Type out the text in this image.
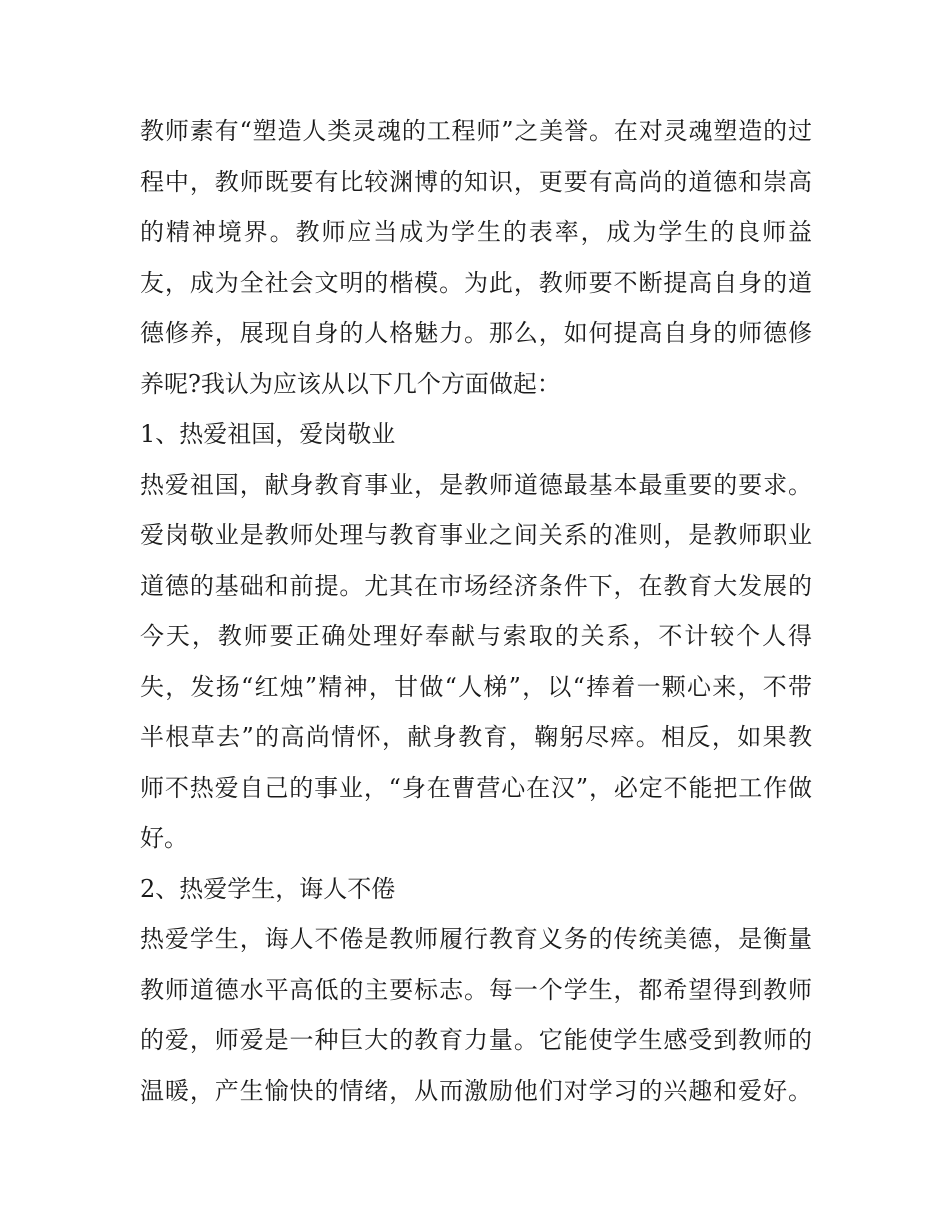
教师素有“塑造人类灵魂的工程师”之美誉。在对灵魂塑造的过
程中，教师既要有比较渊博的知识，更要有高尚的道德和崇高
的精神境界。教师应当成为学生的表率，成为学生的良师益
友，成为全社会文明的楷模。为此，教师要不断提高自身的道
德修养，展现自身的人格魅力。那么，如何提高自身的师德修
养呢?我认为应该从以下几个方面做起：
1、热爱祖国，爱岗敬业
热爱祖国，献身教育事业，是教师道德最基本最重要的要求。
爱岗敬业是教师处理与教育事业之间关系的准则，是教师职业
道德的基础和前提。尤其在市场经济条件下，在教育大发展的
今天，教师要正确处理好奉献与索取的关系，不计较个人得
失，发扬“红烛”精神，甘做“人梯”，以“捧着一颗心来，不带
半根草去”的高尚情怀，献身教育，鞠躬尽瘁。相反，如果教
师不热爱自己的事业，“身在曹营心在汉”，必定不能把工作做
好。
2、热爱学生，诲人不倦
热爱学生，诲人不倦是教师履行教育义务的传统美德，是衡量
教师道德水平高低的主要标志。每一个学生，都希望得到教师
的爱，师爱是一种巨大的教育力量。它能使学生感受到教师的
温暖，产生愉快的情绪，从而激励他们对学习的兴趣和爱好。
